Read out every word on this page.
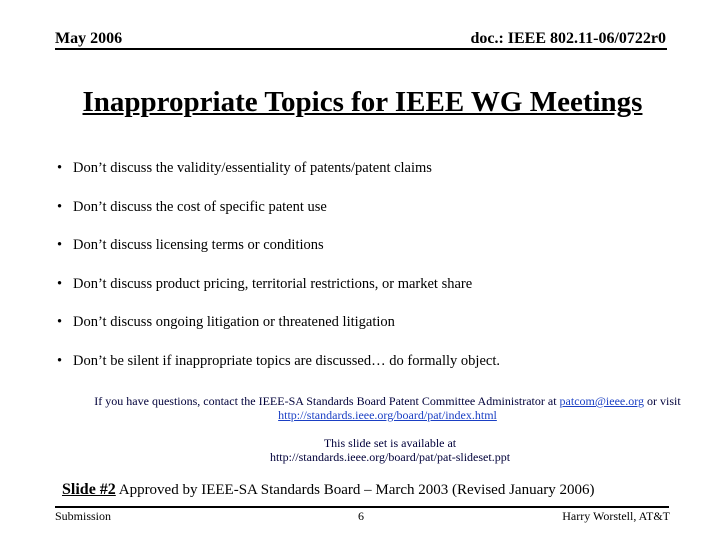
May 2006	doc.: IEEE 802.11-06/0722r0
Inappropriate Topics for IEEE WG Meetings
• Don’t discuss the validity/essentiality of patents/patent claims
• Don’t discuss the cost of specific patent use
• Don’t discuss licensing terms or conditions
• Don’t discuss product pricing, territorial restrictions, or market share
• Don’t discuss ongoing litigation or threatened litigation
• Don’t be silent if inappropriate topics are discussed… do formally object.
If you have questions, contact the IEEE-SA Standards Board Patent Committee Administrator at patcom@ieee.org or visit
http://standards.ieee.org/board/pat/index.html
This slide set is available at
http://standards.ieee.org/board/pat/pat-slideset.ppt
Slide #2 Approved by IEEE-SA Standards Board – March 2003 (Revised January 2006)
Submission	6	Harry Worstell, AT&T
